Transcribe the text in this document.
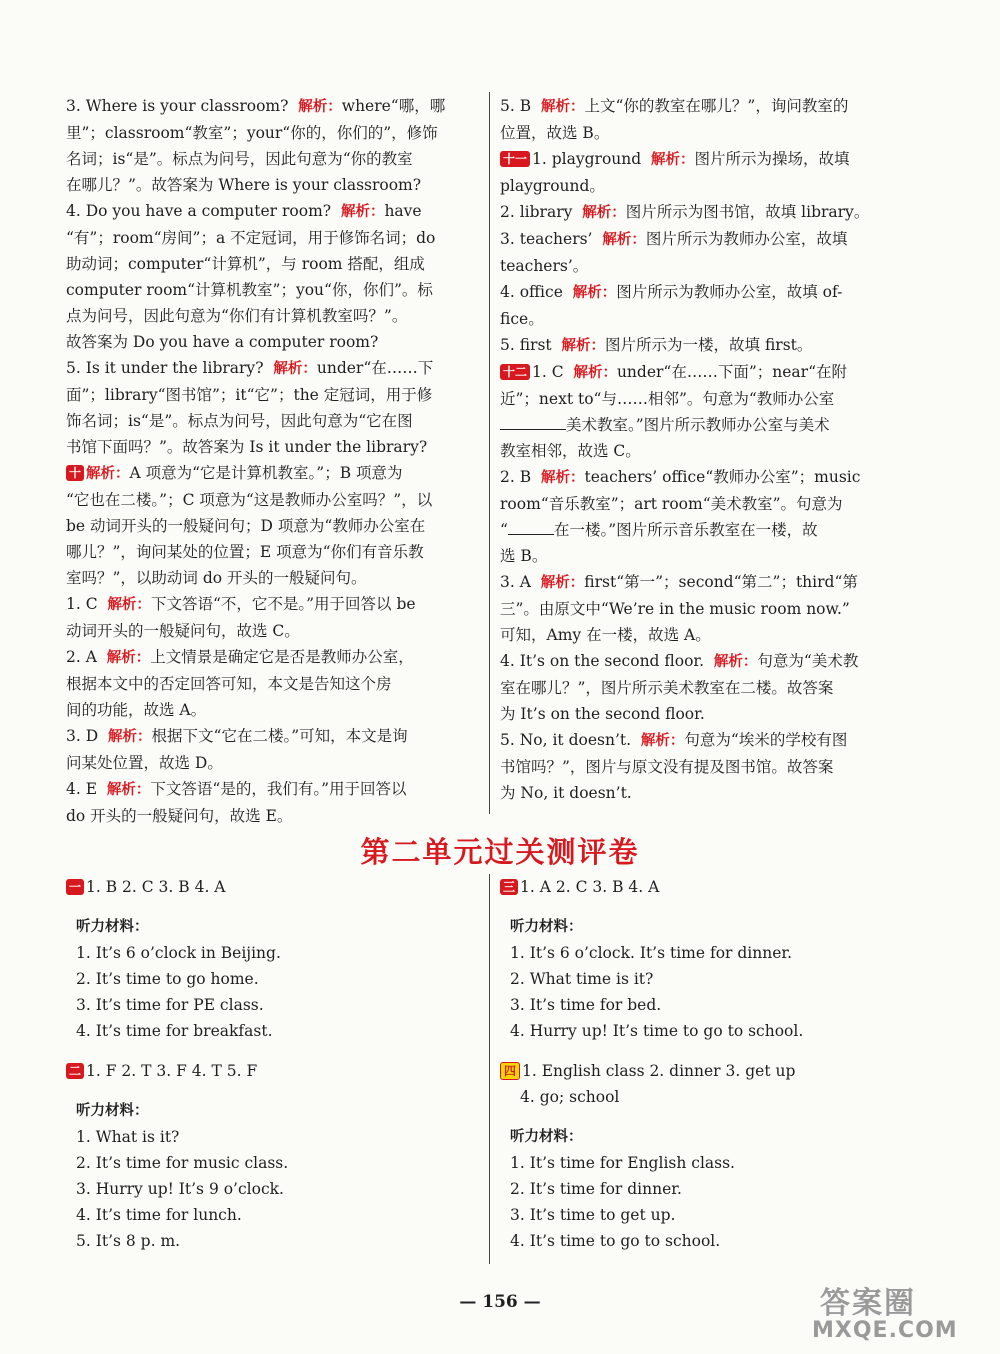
3. Where is your classroom? 解析：where“哪，哪

里”；classroom“教室”；your“你的，你们的”，修饰

名词；is“是”。标点为问号，因此句意为“你的教室

在哪儿？”。故答案为 Where is your classroom?

4. Do you have a computer room? 解析：have

“有”；room“房间”；a 不定冠词，用于修饰名词；do

助动词；computer“计算机”，与 room 搭配，组成

computer room“计算机教室”；you“你，你们”。标

点为问号，因此句意为“你们有计算机教室吗？”。

故答案为 Do you have a computer room?

5. Is it under the library? 解析：under“在……下

面”；library“图书馆”；it“它”；the 定冠词，用于修

饰名词；is“是”。标点为问号，因此句意为“它在图

书馆下面吗？”。故答案为 Is it under the library?

十 解析：A 项意为“它是计算机教室。”；B 项意为

“它也在二楼。”；C 项意为“这是教师办公室吗？”，以

be 动词开头的一般疑问句；D 项意为“教师办公室在

哪儿？”，询问某处的位置；E 项意为“你们有音乐教

室吗？”，以助动词 do 开头的一般疑问句。

1. C 解析：下文答语“不，它不是。”用于回答以 be

动词开头的一般疑问句，故选 C。

2. A 解析：上文情景是确定它是否是教师办公室，

根据本文中的否定回答可知，本文是告知这个房

间的功能，故选 A。

3. D 解析：根据下文“它在二楼。”可知，本文是询

问某处位置，故选 D。

4. E 解析：下文答语“是的，我们有。”用于回答以

do 开头的一般疑问句，故选 E。

5. B 解析：上文“你的教室在哪儿？”，询问教室的

位置，故选 B。

十一 1. playground 解析：图片所示为操场，故填

playground。

2. library 解析：图片所示为图书馆，故填 library。

3. teachers’ 解析：图片所示为教师办公室，故填

teachers’。

4. office 解析：图片所示为教师办公室，故填 of-

fice。

5. first 解析：图片所示为一楼，故填 first。

十二 1. C 解析：under“在……下面”；near“在附

近”；next to“与……相邻”。句意为“教师办公室

美术教室。”图片所示教师办公室与美术

教室相邻，故选 C。

2. B 解析：teachers’ office“教师办公室”；music

room“音乐教室”；art room“美术教室”。句意为

“	在一楼。”图片所示音乐教室在一楼，故

选 B。

3. A 解析：first“第一”；second“第二”；third“第

三”。由原文中“We’re in the music room now.”

可知，Amy 在一楼，故选 A。

4. It’s on the second floor. 解析：句意为“美术教

室在哪儿？”，图片所示美术教室在二楼。故答案

为 It’s on the second floor.

5. No, it doesn’t. 解析：句意为“埃米的学校有图

书馆吗？”，图片与原文没有提及图书馆。故答案

为 No, it doesn’t.

第二单元过关测评卷

一 1. B 2. C 3. B 4. A

听力材料：

1. It’s 6 o’clock in Beijing.

2. It’s time to go home.

3. It’s time for PE class.

4. It’s time for breakfast.

二 1. F 2. T 3. F 4. T 5. F

听力材料：

1. What is it?

2. It’s time for music class.

3. Hurry up! It’s 9 o’clock.

4. It’s time for lunch.

5. It’s 8 p. m.

三 1. A 2. C 3. B 4. A

听力材料：

1. It’s 6 o’clock. It’s time for dinner.

2. What time is it?

3. It’s time for bed.

4. Hurry up! It’s time to go to school.

四 1. English class 2. dinner 3. get up

4. go; school

听力材料：

1. It’s time for English class.

2. It’s time for dinner.

3. It’s time to get up.

4. It’s time to go to school.

— 156 —	答案圈
MXQE.COM
